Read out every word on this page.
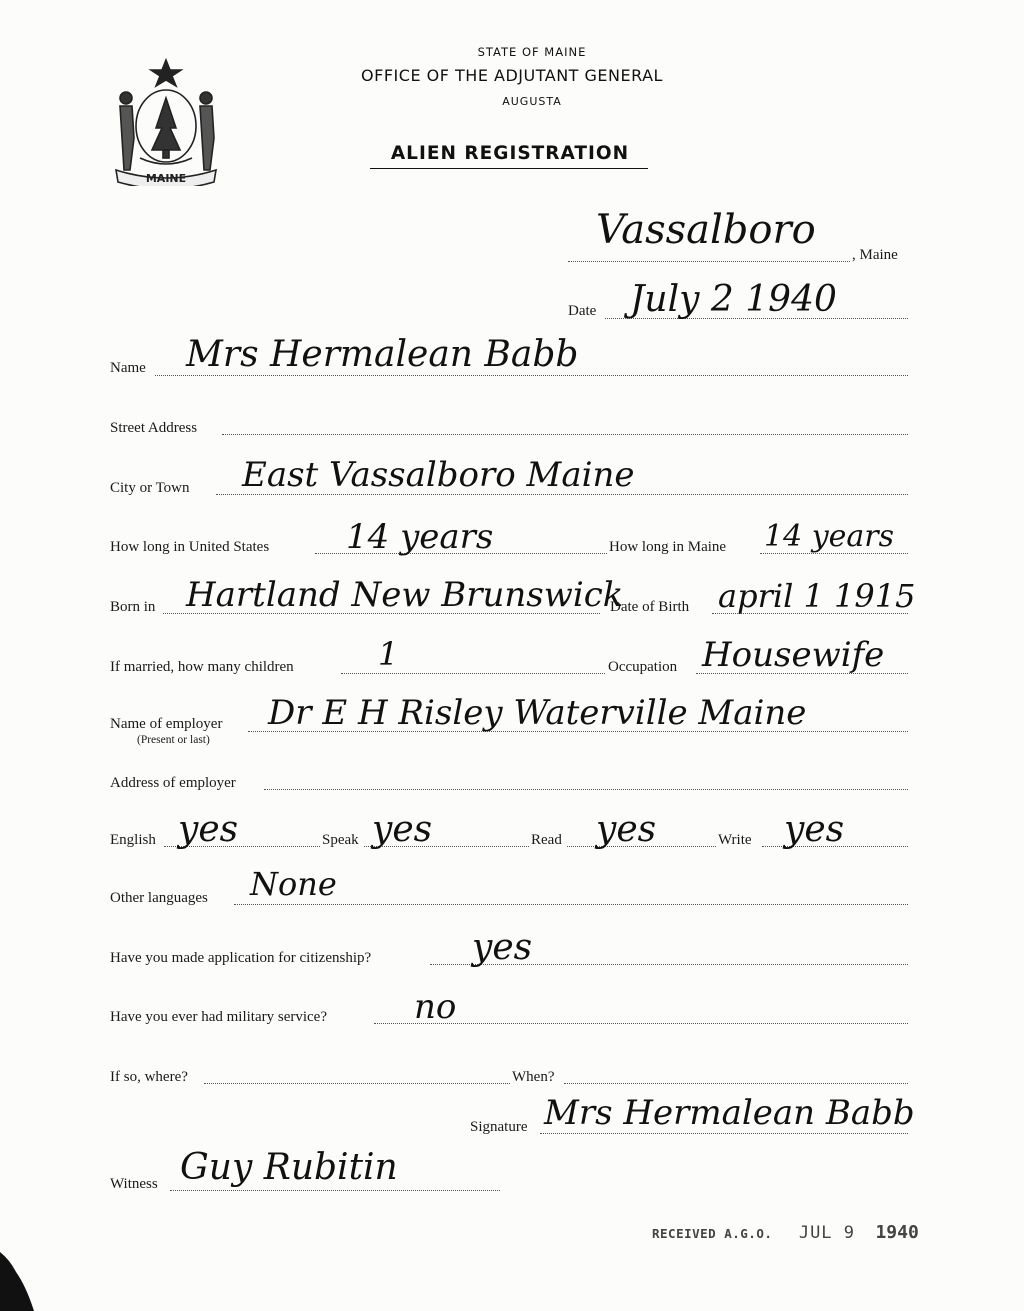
MAINE
STATE OF MAINE
OFFICE OF THE ADJUTANT GENERAL
AUGUSTA
ALIEN REGISTRATION
Vassalboro
, Maine
Date July 2 1940
Name Mrs Hermalean Babb
Street Address
City or Town East Vassalboro Maine
How long in United States 14 years	How long in Maine 14 years
Born in Hartland New Brunswick
Date of Birth april 1 1915
If married, how many children	1	Occupation Housewife
Name of employer
(Present or last)
Dr E H Risley Waterville Maine
Address of employer
English yes	Speak yes	Read yes	Write yes
Other languages None
Have you made application for citizenship?	yes
Have you ever had military service?	no
If so, where?	When?
Signature Mrs Hermalean Babb
Witness Guy Rubitin
RECEIVED A.G.O. JUL 9 1940
